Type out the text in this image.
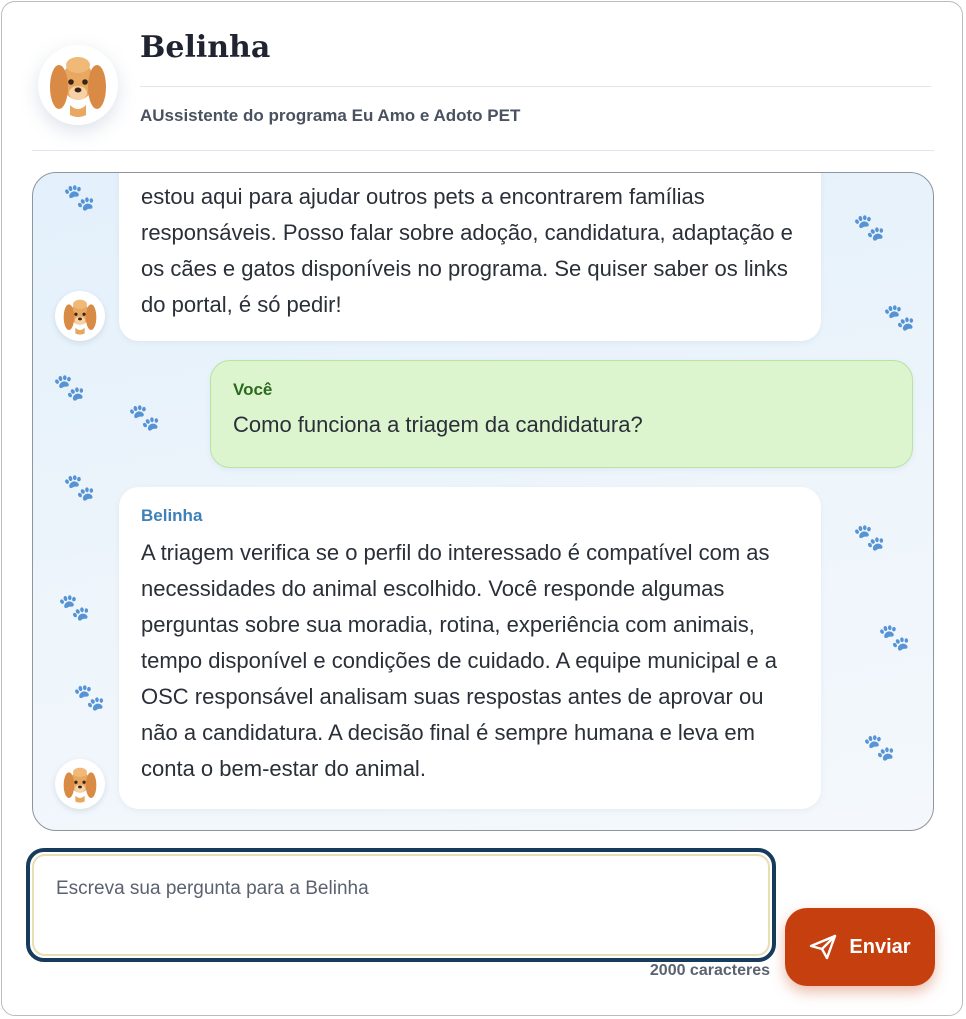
Belinha
AUssistente do programa Eu Amo e Adoto PET
🐾
🐾
🐾
🐾
🐾
🐾
🐾
🐾
🐾
🐾
🐾
estou aqui para ajudar outros pets a encontrarem famílias responsáveis. Posso falar sobre adoção, candidatura, adaptação e os cães e gatos disponíveis no programa. Se quiser saber os links do portal, é só pedir!
Você
Como funciona a triagem da candidatura?
Belinha
A triagem verifica se o perfil do interessado é compatível com as necessidades do animal escolhido. Você responde algumas perguntas sobre sua moradia, rotina, experiência com animais, tempo disponível e condições de cuidado. A equipe municipal e a OSC responsável analisam suas respostas antes de aprovar ou não a candidatura. A decisão final é sempre humana e leva em conta o bem-estar do animal.
Escreva sua pergunta para a Belinha
2000 caracteres
Enviar
